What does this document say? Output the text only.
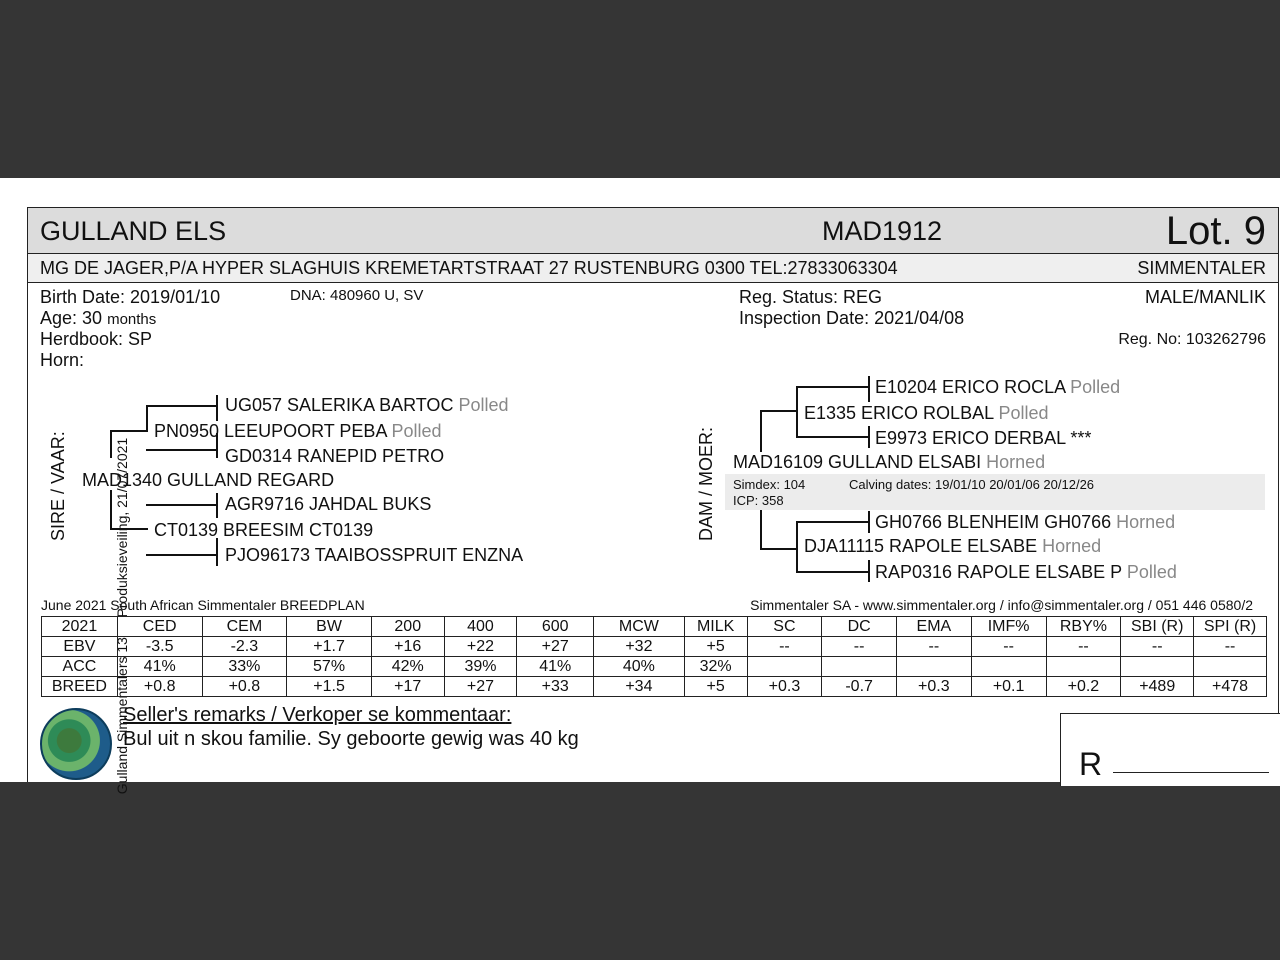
Gulland Simmentalers 13de Produksieveiling, 21/07/2021
GULLAND ELS	MAD1912	Lot. 9
MG DE JAGER,P/A HYPER SLAGHUIS KREMETARTSTRAAT 27 RUSTENBURG 0300 TEL:27833063304	SIMMENTALER
Birth Date: 2019/01/10	DNA: 480960 U, SV
Age: 30 months
Herdbook: SP
Horn:
Reg. Status: REG
Inspection Date: 2021/04/08
MALE/MANLIK
Reg. No: 103262796
SIRE / VAAR:
UG057 SALERIKA BARTOC Polled
PN0950 LEEUPOORT PEBA Polled
GD0314 RANEPID PETRO
MAD1340 GULLAND REGARD
AGR9716 JAHDAL BUKS
CT0139 BREESIM CT0139
PJO96173 TAAIBOSSPRUIT ENZNA
DAM / MOER:
E10204 ERICO ROCLA Polled
E1335 ERICO ROLBAL Polled
E9973 ERICO DERBAL ***
MAD16109 GULLAND ELSABI Horned
Simdex: 104	Calving dates: 19/01/10 20/01/06 20/12/26
ICP: 358
GH0766 BLENHEIM GH0766 Horned
DJA11115 RAPOLE ELSABE Horned
RAP0316 RAPOLE ELSABE P Polled
June 2021 South African Simmentaler BREEDPLAN	Simmentaler SA - www.simmentaler.org / info@simmentaler.org / 051 446 0580/2
2021	CED	CEM	BW	200	400	600	MCW	MILK	SC	DC	EMA	IMF%	RBY%	SBI (R)	SPI (R)
EBV	-3.5	-2.3	+1.7	+16	+22	+27	+32	+5	--	--	--	--	--	--	--
ACC	41%	33%	57%	42%	39%	41%	40%	32%							
BREED	+0.8	+0.8	+1.5	+17	+27	+33	+34	+5	+0.3	-0.7	+0.3	+0.1	+0.2	+489	+478
Seller's remarks / Verkoper se kommentaar:
Bul uit n skou familie. Sy geboorte gewig was 40 kg
R
